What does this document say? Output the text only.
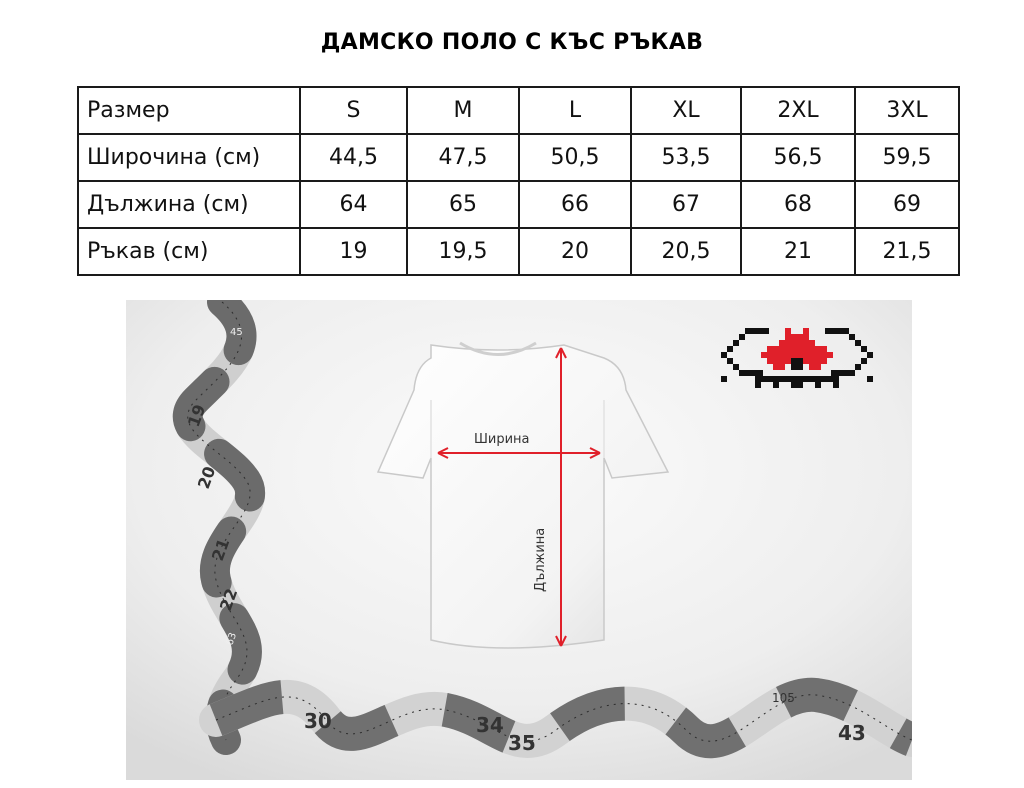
ДАМСКО ПОЛО С КЪС РЪКАВ
Размер	S	M	L	XL	2XL	3XL
Широчина (см)	44,5	47,5	50,5	53,5	56,5	59,5
Дължина (см)	64	65	66	67	68	69
Ръкав (см)	19	19,5	20	20,5	21	21,5
45
19
20
21
22
63
30	34
35
105
43
Ширина
Дължина
